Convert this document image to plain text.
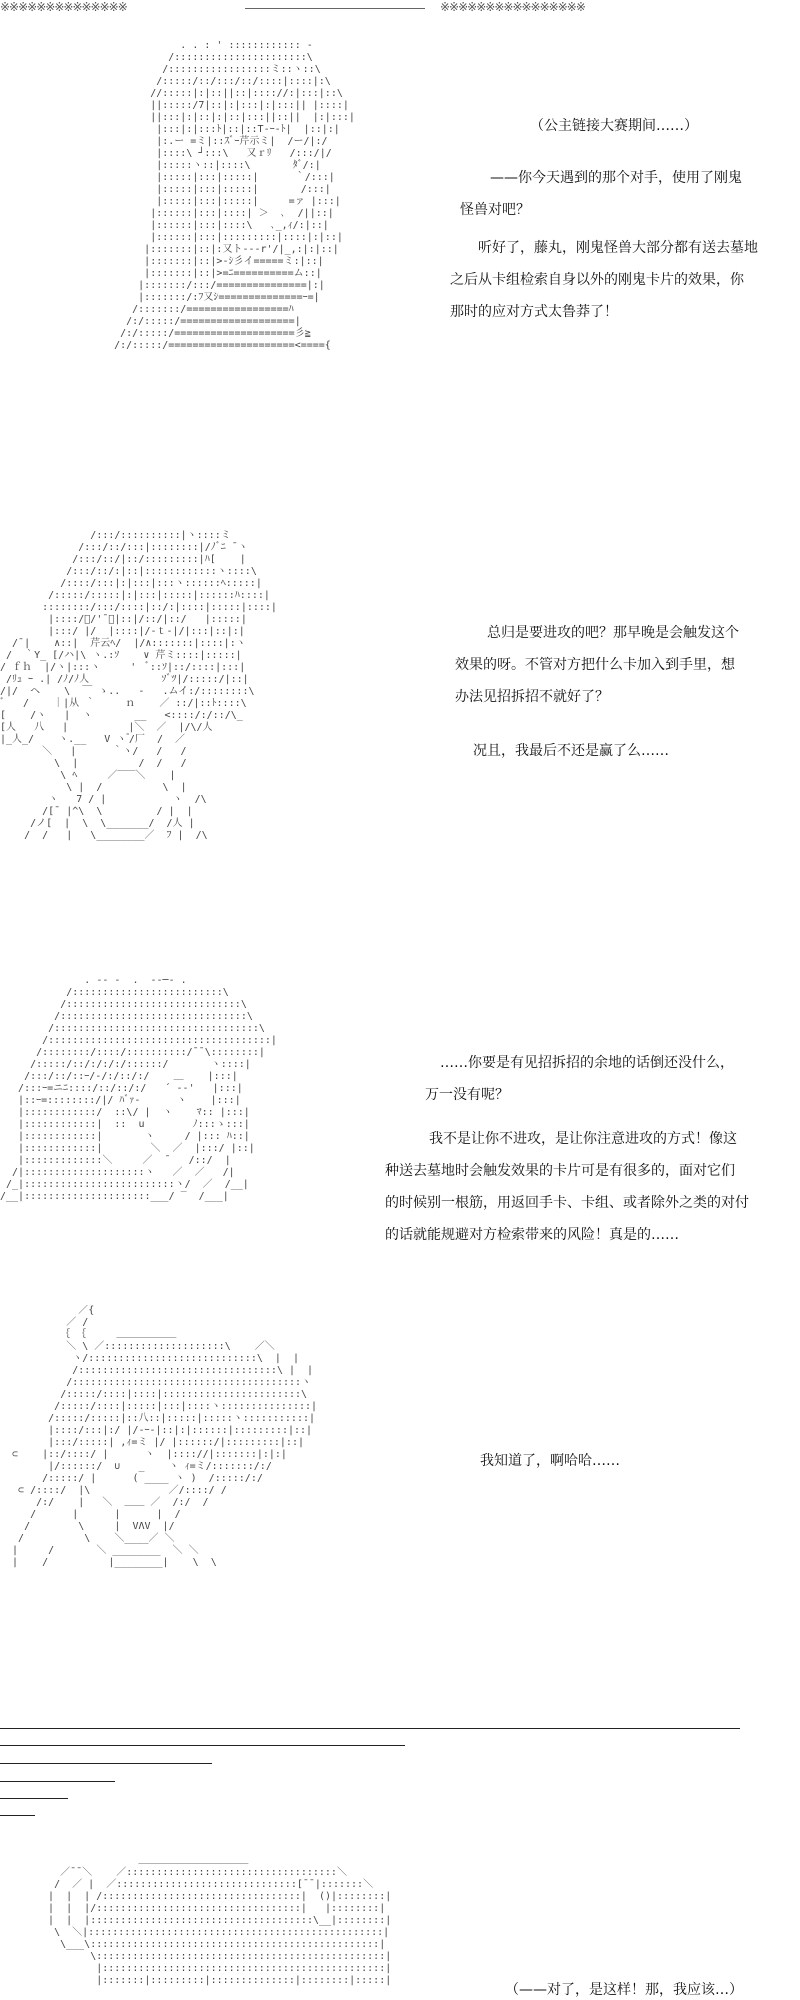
※※※※※※※※※※※※※※	※※※※※※※※※※※※※※※※
. . : ' :::::::::::: -
/::::::::::::::::::::::\
/:::::::::::::::::ミ::ヽ::\
/:::::/::/:::/::/::::|::::|:\
//:::::|:|::||::|:::://:|:::|::\
||:::::/7|::|:|:::|:|:::|| |::::|
||:::|:|::|:|::|:::||::||  |:|:::|
|:::|:|:::ﾄ|::|::T-ｰ-ﾄ|  |::|:|
|:.ー =ミ|::ｽﾞｰ芹示ミ|  /ー/|:/
|::::\ ┘:::\   又ｒﾘ   /:::/|/
|:::::ヽ::|::::\       ﾀﾞ/:|
|:::::|:::|:::::|      ｀/:::|
|:::::|:::|:::::|       /:::|
|:::::|:::|:::::|     =ァ |:::|
|::::::|:::|::::| ＞  ､  /||::|
|::::::|:::|::::\   ､_,ｨ/:|::|
|::::::|:::|:::::::::|::::|:|::|
|:::::::|::|:又ト---r'/|_,:|:|::|
|:::::::|::|>-ｼ彡イ=====ミ:|::|
|:::::::|::|>=ﾆ==========ム::|
|:::::::/:::/===============|:|
|:::::::/:ﾌ又ｼ==============ｰ=|
/:::::::/=================ﾊ
/:/:::::/===================|
/:/:::::/====================彡≧
/:/:::::/=====================<===={

（公主链接大赛期间……）

——你今天遇到的那个对手，使用了刚鬼

怪兽对吧？

听好了，藤丸，刚鬼怪兽大部分都有送去墓地

之后从卡组检索自身以外的刚鬼卡片的效果，你

那时的应对方式太鲁莽了！

/:::/::::::::::|ヽ::::ミ
/:::/::/:::|::::::::|/ﾉﾞﾆ ¯ヽ
/:::/::/|::/:::::::::|ﾊ[    |
/:::/::/:|::|::::::::::::ヽ::::\
/::::/:::|:|:::|:::ヽ::::::ﾍ:::::|
/:::::/:::::|:|:::|:::::|::::::ﾊ::::|
::::::::/:::/::::|::/:|::::|:::::|::::|
|::::/ﾞ/'¯＼|::|/::/|::/   |:::::|
|:::/ |/  |::::|/-ｔ-|/|:::|::|:|
/¯|    ∧::|  芹云ﾍ/  |/∧:::::::|::::|:ヽ
/  ｀Y_ [/ハ|\ ヽ.:ｿ    ∨ 芹ミ::::|:::::|
/ ｆｈ  |/ヽ|:::ヽ     '  ﾞ::ｿ|::/::::|:::|
/ﾘｭ ｰ .| /ﾉ/ﾉ人            ｿﾞﾂ|/:::::/|::|
/|/  ヘ    \  ￣ ゝ..   -   .ムイ:/::::::::\
ﾞ   /    ｜|从 ｀     ｎ    ／ ::/|::ﾄ::::\
[    /ヽ   |  ヽ       __   <::::/:/::/\_
[人   八   |          |＼  ／  |/\/人
|_人_/    ヽ.__   V ヽ ゚/厂  /  ／
＼   |      ｀ヽ/   /   /
\  |          /  /   /
\ ﾍ     ／‾‾‾＼    |
\ |  /          \  |
ヽ   7 / |           ヽ  /\
/[¯ |^\  \         / |  |
/ノ[  |  \  \_______/  /人 |
/  /   |   \________／  ﾌ |  /\

总归是要进攻的吧？那早晚是会触发这个

效果的呀。不管对方把什么卡加入到手里，想

办法见招拆招不就好了？

况且，我最后不还是赢了么……

. ‐‐ ‐  .  ‐‐─‐ .
/:::::::::::::::::::::::::\
/:::::::::::::::::::::::::::::\
/:::::::::::::::::::::::::::::::\
/::::::::::::::::::::::::::::::::::\
/:::::::::::::::::::::::::::::::::::::|
/::::::::/::::/::::::::::/¯¯\::::::::|
/:::::/::/:/:/:/::::::/       ヽ::::|
/:::/::/::ｰ/-/:/::/:/    ＿    |:::|
/:::ｰ=ニﾆ::::/::/::/:/   ´ -‐'   |:::|
|::ｰ=::::::::/|/ ﾊﾞｧ-      ヽ    |:::|
|::::::::::::/  ::\/ |  ヽ    ﾏ:: |:::|
|::::::::::::|  ::  u        ﾉ:::ゝ:::|
|::::::::::::|       ヽ     / |::: ﾊ::|
|::::::::::::|        ＼  ／  |:::/ |::|
|:::::::::::::＼     ／  ¯   /::/  |
/|::::::::::::::::::::ヽ   ／  ／   /|
/_|:::::::::::::::::::::::::ヽ/  ／  /__|
/__|:::::::::::::::::::::___/ ‾  /___|

……你要是有见招拆招的余地的话倒还没什么，

万一没有呢？

我不是让你不进攻，是让你注意进攻的方式！像这

种送去墓地时会触发效果的卡片可是有很多的，面对它们

的时候别一根筋，用返回手卡、卡组、或者除外之类的对付

的话就能规避对方检索带来的风险！真是的……

／{
／ /
｛ ｛     ＿＿＿＿＿＿
＼ \ ／::::::::::::::::::::\    ／＼
ヽ/::::::::::::::::::::::::::::\  |  |
/:::::::::::::::::::::::::::::::::\ |  |
/::::::::::::::::::::::::::::::::::::::ヽ
/:::::/::::|::::|:::::::::::::::::::::::\
/:::::/::::|:::::|:::|::::ヽ:::::::::::::::|
/:::::/:::::|::八::|:::::|:::::ヽ:::::::::::|
|::::/:::|:/ |/-ｰ-|::|:|::::::|:::::::::|::|
|:::/:::::| ,ｨ=ミ |/ |::::::/|:::::::::|::|
⊂    |::/::::/ |      ヽ  |:::://|:::::::|:|:|
|/::::::/  ∪   _    ヽ ｨ=ミ/:::::::/:/
/:::::/ |      ( ____ ヽ )  /:::::/:/
⊂ /::::/  |\             ／/::::/ /
/:/    |   ＼  ＿＿ ／  /:/  /
/      |      |      |  /
/        \     |  VΛV  |/
/          \    ＼____／ ＼
|     /       ＼ ________  ＼ ＼
|    /          |________|    \  \

我知道了，啊哈哈……

＿＿＿＿＿＿＿＿＿＿＿
／¯¯＼    ／:::::::::::::::::::::::::::::::::::＼
/  ／ |  ／::::::::::::::::::::::::::::::[¯¯|:::::::＼
|  |  | /:::::::::::::::::::::::::::::::::|  ()|::::::::|
|  |  |/::::::::::::::::::::::::::::::::::|   |::::::::|
|  |  |:::::::::::::::::::::::::::::::::::::\__|::::::::|
\  ＼|:::::::::::::::::::::::::::::::::::::::::::::::::|
\___\::::::::::::::::::::::::::::::::::::::::::::::::|
\::::::::::::::::::::::::::::::::::::::::::::::::|
|:::::::::::::::::::::::::::::::::::::::::::::::|
|:::::::|:::::::::|::::::::::::::|::::::::|:::::|

（——对了，是这样！那，我应该…）
